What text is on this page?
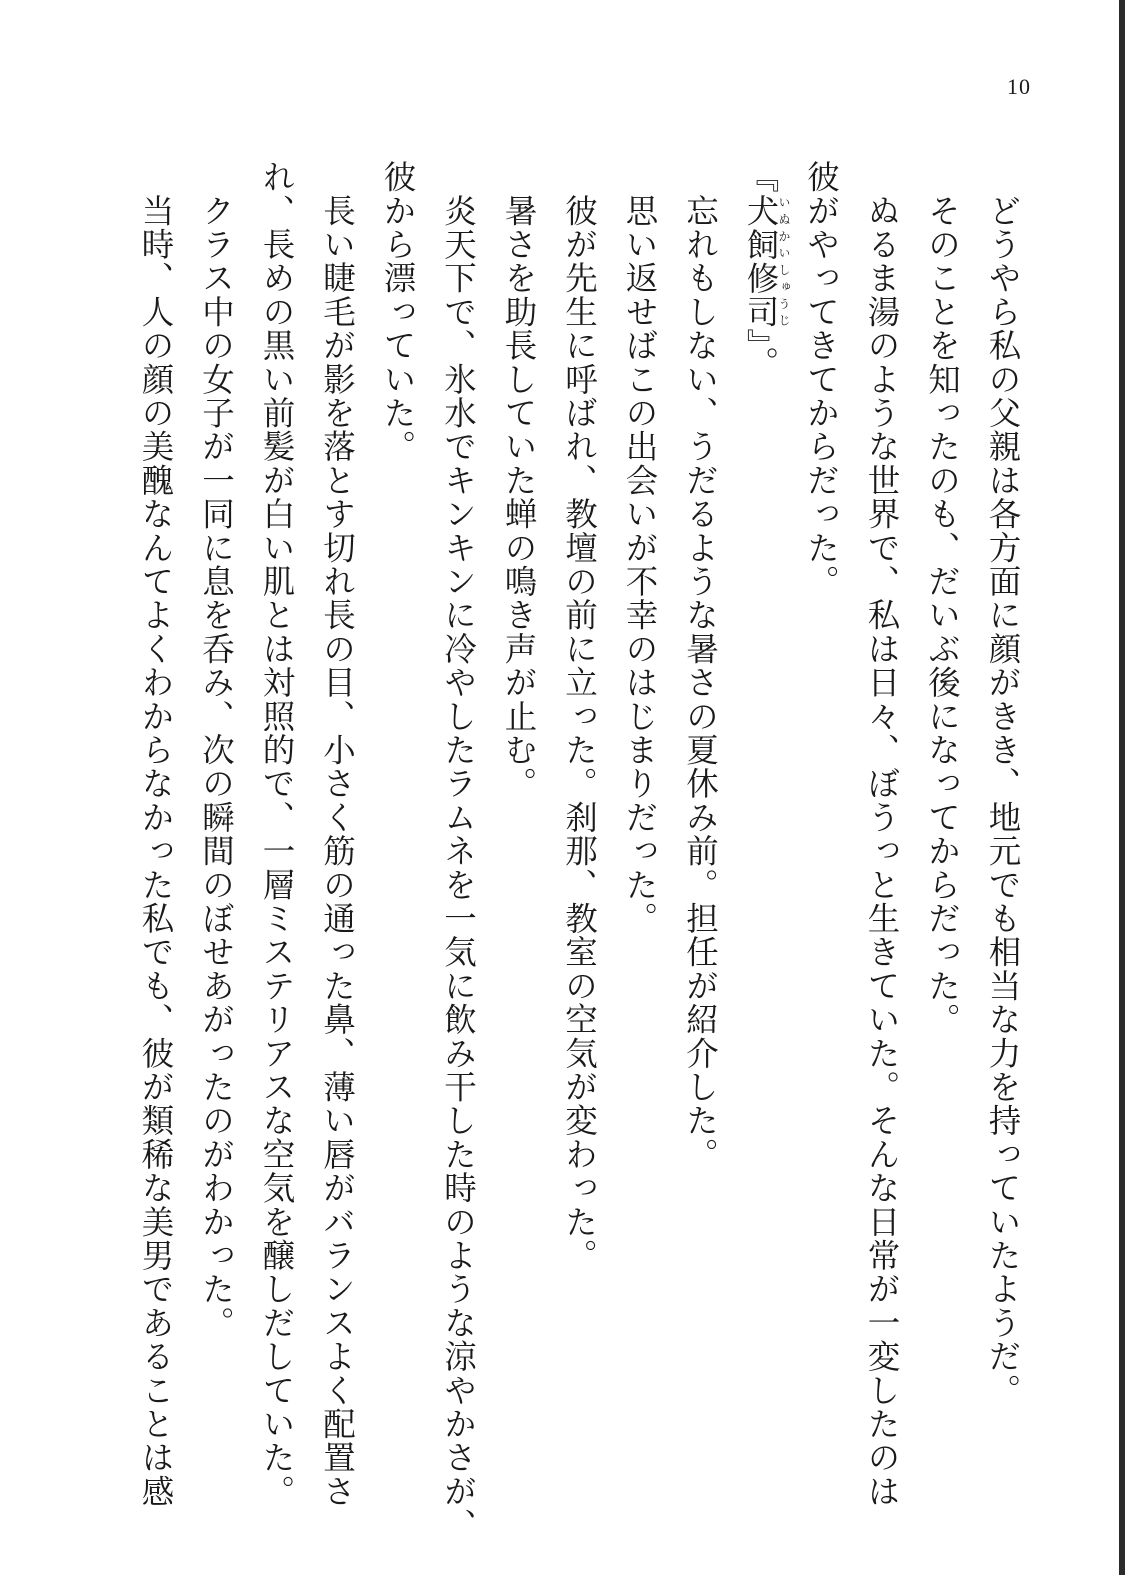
10
　どうやら私の父親は各方面に顔がきき、地元でも相当な力を持っていたようだ。
　そのことを知ったのも、だいぶ後になってからだった。
　ぬるま湯のような世界で、私は日々、ぼうっと生きていた。そんな日常が一変したのは
彼がやってきてからだった。
『犬飼修司いぬかいしゅうじ』。
　忘れもしない、うだるような暑さの夏休み前。担任が紹介した。
　思い返せばこの出会いが不幸のはじまりだった。
　彼が先生に呼ばれ、教壇の前に立った。刹那、教室の空気が変わった。
　暑さを助長していた蝉の鳴き声が止む。
　炎天下で、氷水でキンキンに冷やしたラムネを一気に飲み干した時のような涼やかさが、
彼から漂っていた。
　長い睫毛が影を落とす切れ長の目、小さく筋の通った鼻、薄い唇がバランスよく配置さ
れ、長めの黒い前髪が白い肌とは対照的で、一層ミステリアスな空気を醸しだしていた。
　クラス中の女子が一同に息を呑み、次の瞬間のぼせあがったのがわかった。
　当時、人の顔の美醜なんてよくわからなかった私でも、彼が類稀な美男であることは感
